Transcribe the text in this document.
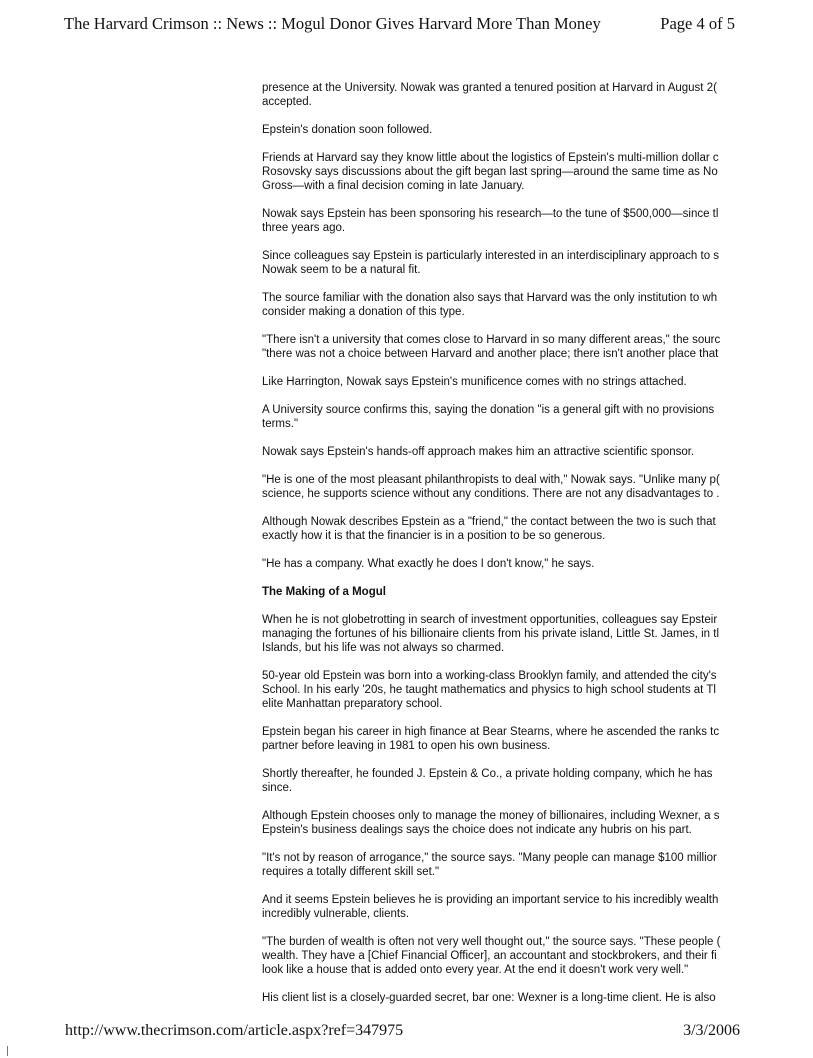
The Harvard Crimson :: News :: Mogul Donor Gives Harvard More Than Money	Page 4 of 5
presence at the University. Nowak was granted a tenured position at Harvard in August 2(
accepted.
Epstein's donation soon followed.
Friends at Harvard say they know little about the logistics of Epstein's multi-million dollar c
Rosovsky says discussions about the gift began last spring—around the same time as No
Gross—with a final decision coming in late January.
Nowak says Epstein has been sponsoring his research—to the tune of $500,000—since tl
three years ago.
Since colleagues say Epstein is particularly interested in an interdisciplinary approach to s
Nowak seem to be a natural fit.
The source familiar with the donation also says that Harvard was the only institution to wh
consider making a donation of this type.
"There isn't a university that comes close to Harvard in so many different areas," the sourc
"there was not a choice between Harvard and another place; there isn't another place that
Like Harrington, Nowak says Epstein's munificence comes with no strings attached.
A University source confirms this, saying the donation "is a general gift with no provisions
terms."
Nowak says Epstein's hands-off approach makes him an attractive scientific sponsor.
"He is one of the most pleasant philanthropists to deal with," Nowak says. "Unlike many p(
science, he supports science without any conditions. There are not any disadvantages to .
Although Nowak describes Epstein as a "friend," the contact between the two is such that
exactly how it is that the financier is in a position to be so generous.
"He has a company. What exactly he does I don't know," he says.
The Making of a Mogul
When he is not globetrotting in search of investment opportunities, colleagues say Epsteir
managing the fortunes of his billionaire clients from his private island, Little St. James, in tl
Islands, but his life was not always so charmed.
50-year old Epstein was born into a working-class Brooklyn family, and attended the city's
School. In his early '20s, he taught mathematics and physics to high school students at Tl
elite Manhattan preparatory school.
Epstein began his career in high finance at Bear Stearns, where he ascended the ranks tc
partner before leaving in 1981 to open his own business.
Shortly thereafter, he founded J. Epstein & Co., a private holding company, which he has
since.
Although Epstein chooses only to manage the money of billionaires, including Wexner, a s
Epstein's business dealings says the choice does not indicate any hubris on his part.
"It's not by reason of arrogance," the source says. "Many people can manage $100 millior
requires a totally different skill set."
And it seems Epstein believes he is providing an important service to his incredibly wealth
incredibly vulnerable, clients.
"The burden of wealth is often not very well thought out," the source says. "These people (
wealth. They have a [Chief Financial Officer], an accountant and stockbrokers, and their fi
look like a house that is added onto every year. At the end it doesn't work very well."
His client list is a closely-guarded secret, bar one: Wexner is a long-time client. He is also
http://www.thecrimson.com/article.aspx?ref=347975	3/3/2006
